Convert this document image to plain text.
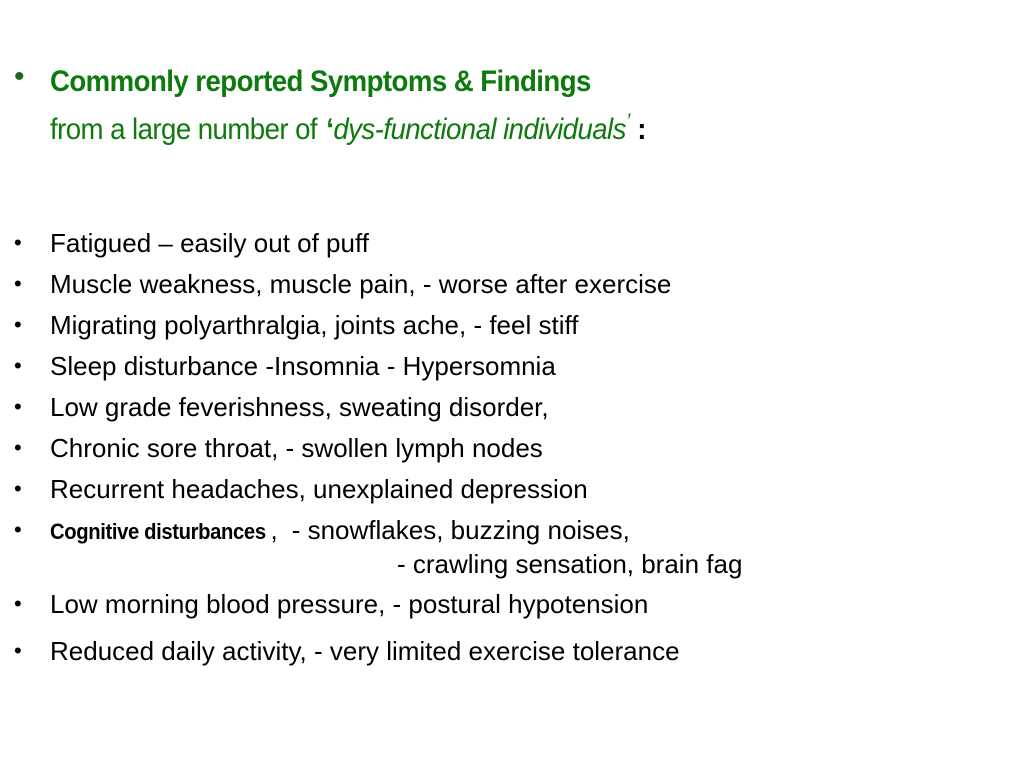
• Commonly reported Symptoms & Findings
from a large number of ‘dys-functional individuals’ :
• Fatigued – easily out of puff
• Muscle weakness, muscle pain, - worse after exercise
• Migrating polyarthralgia, joints ache, - feel stiff
• Sleep disturbance -Insomnia - Hypersomnia
• Low grade feverishness, sweating disorder,
• Chronic sore throat, - swollen lymph nodes
• Recurrent headaches, unexplained depression
• Cognitive disturbances , - snowflakes, buzzing noises,
- crawling sensation, brain fag
• Low morning blood pressure, - postural hypotension
• Reduced daily activity, - very limited exercise tolerance
